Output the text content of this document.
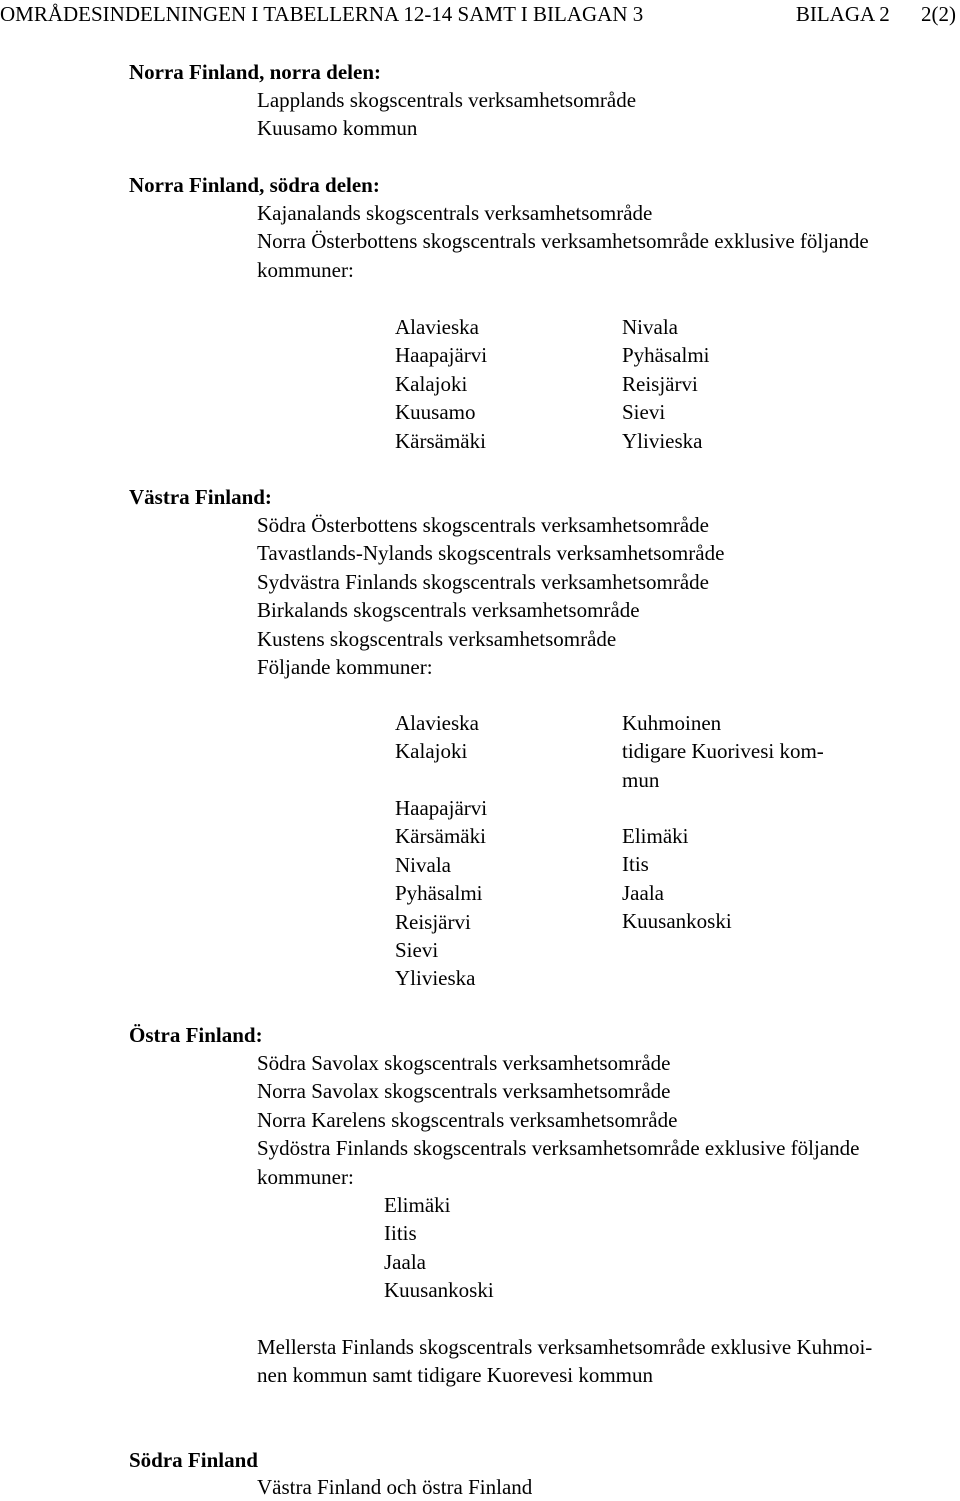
OMRÅDESINDELNINGEN I TABELLERNA 12-14 SAMT I BILAGAN 3	BILAGA 2 2(2)
Norra Finland, norra delen:
Lapplands skogscentrals verksamhetsområde
Kuusamo kommun
Norra Finland, södra delen:
Kajanalands skogscentrals verksamhetsområde
Norra Österbottens skogscentrals verksamhetsområde exklusive följande
kommuner:
Alavieska
Haapajärvi
Kalajoki
Kuusamo
Kärsämäki
Nivala
Pyhäsalmi
Reisjärvi
Sievi
Ylivieska
Västra Finland:
Södra Österbottens skogscentrals verksamhetsområde
Tavastlands-Nylands skogscentrals verksamhetsområde
Sydvästra Finlands skogscentrals verksamhetsområde
Birkalands skogscentrals verksamhetsområde
Kustens skogscentrals verksamhetsområde
Följande kommuner:
Alavieska
Kalajoki
Haapajärvi
Kärsämäki
Nivala
Pyhäsalmi
Reisjärvi
Sievi
Ylivieska
Kuhmoinen
tidigare Kuorivesi kom-
mun
Elimäki
Itis
Jaala
Kuusankoski
Östra Finland:
Södra Savolax skogscentrals verksamhetsområde
Norra Savolax skogscentrals verksamhetsområde
Norra Karelens skogscentrals verksamhetsområde
Sydöstra Finlands skogscentrals verksamhetsområde exklusive följande
kommuner:
Elimäki
Iitis
Jaala
Kuusankoski
Mellersta Finlands skogscentrals verksamhetsområde exklusive Kuhmoi-
nen kommun samt tidigare Kuorevesi kommun
Södra Finland
Västra Finland och östra Finland
